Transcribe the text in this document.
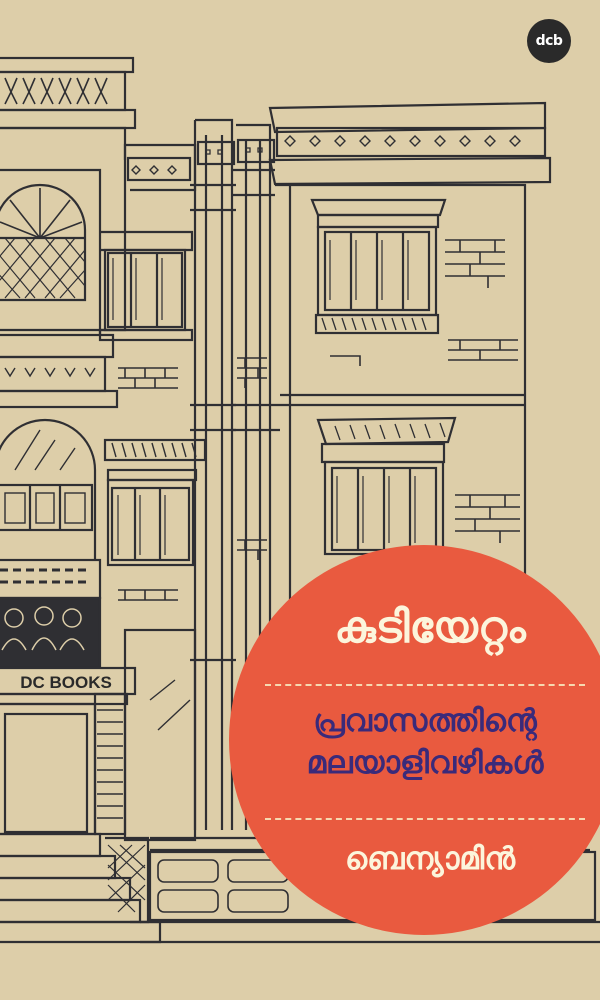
dcb
DC BOOKS
കുടിയേറ്റം
പ്രവാസത്തിന്റെ
മലയാളിവഴികൾ
ബെന്യാമിൻ
